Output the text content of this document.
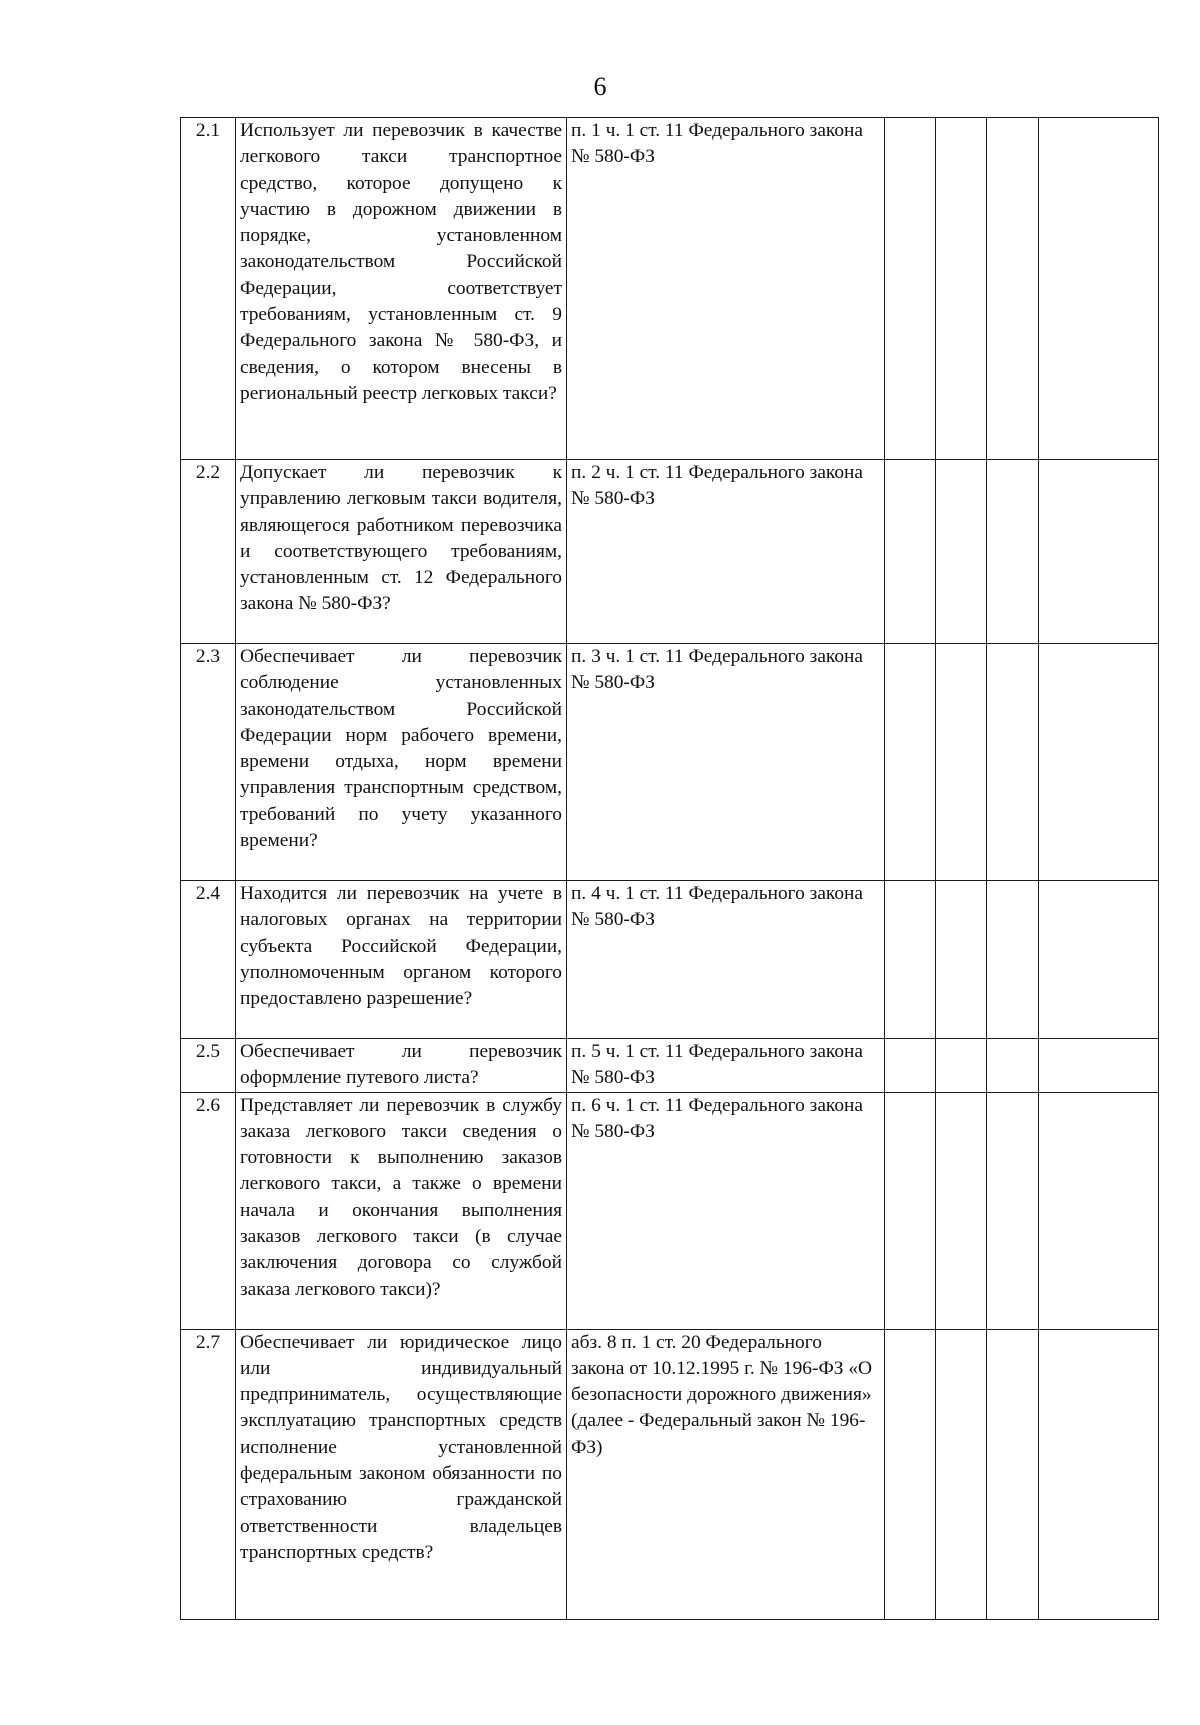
6
2.1	Использует ли перевозчик в качестве легкового такси транспортное средство, которое допущено к участию в дорожном движении в порядке, установленном законодательством Российской Федерации, соответствует требованиям, установленным ст. 9 Федерального закона № 580-ФЗ, и сведения, о котором внесены в региональный реестр легковых такси?	п. 1 ч. 1 ст. 11 Федерального закона № 580-ФЗ				
2.2	Допускает ли перевозчик к управлению легковым такси водителя, являющегося работником перевозчика и соответствующего требованиям, установленным ст. 12 Федерального закона № 580-ФЗ?	п. 2 ч. 1 ст. 11 Федерального закона № 580-ФЗ				
2.3	Обеспечивает ли перевозчик соблюдение установленных законодательством Российской Федерации норм рабочего времени, времени отдыха, норм времени управления транспортным средством, требований по учету указанного времени?	п. 3 ч. 1 ст. 11 Федерального закона № 580-ФЗ				
2.4	Находится ли перевозчик на учете в налоговых органах на территории субъекта Российской Федерации, уполномоченным органом которого предоставлено разрешение?	п. 4 ч. 1 ст. 11 Федерального закона № 580-ФЗ				
2.5	Обеспечивает ли перевозчик оформление путевого листа?	п. 5 ч. 1 ст. 11 Федерального закона № 580-ФЗ				
2.6	Представляет ли перевозчик в службу заказа легкового такси сведения о готовности к выполнению заказов легкового такси, а также о времени начала и окончания выполнения заказов легкового такси (в случае заключения договора со службой заказа легкового такси)?	п. 6 ч. 1 ст. 11 Федерального закона № 580-ФЗ				
2.7	Обеспечивает ли юридическое лицо или индивидуальный предприниматель, осуществляющие эксплуатацию транспортных средств исполнение установленной федеральным законом обязанности по страхованию гражданской ответственности владельцев транспортных средств?	абз. 8 п. 1 ст. 20 Федерального закона от 10.12.1995 г. № 196-ФЗ «О безопасности дорожного движения» (далее - Федеральный закон № 196-ФЗ)				
